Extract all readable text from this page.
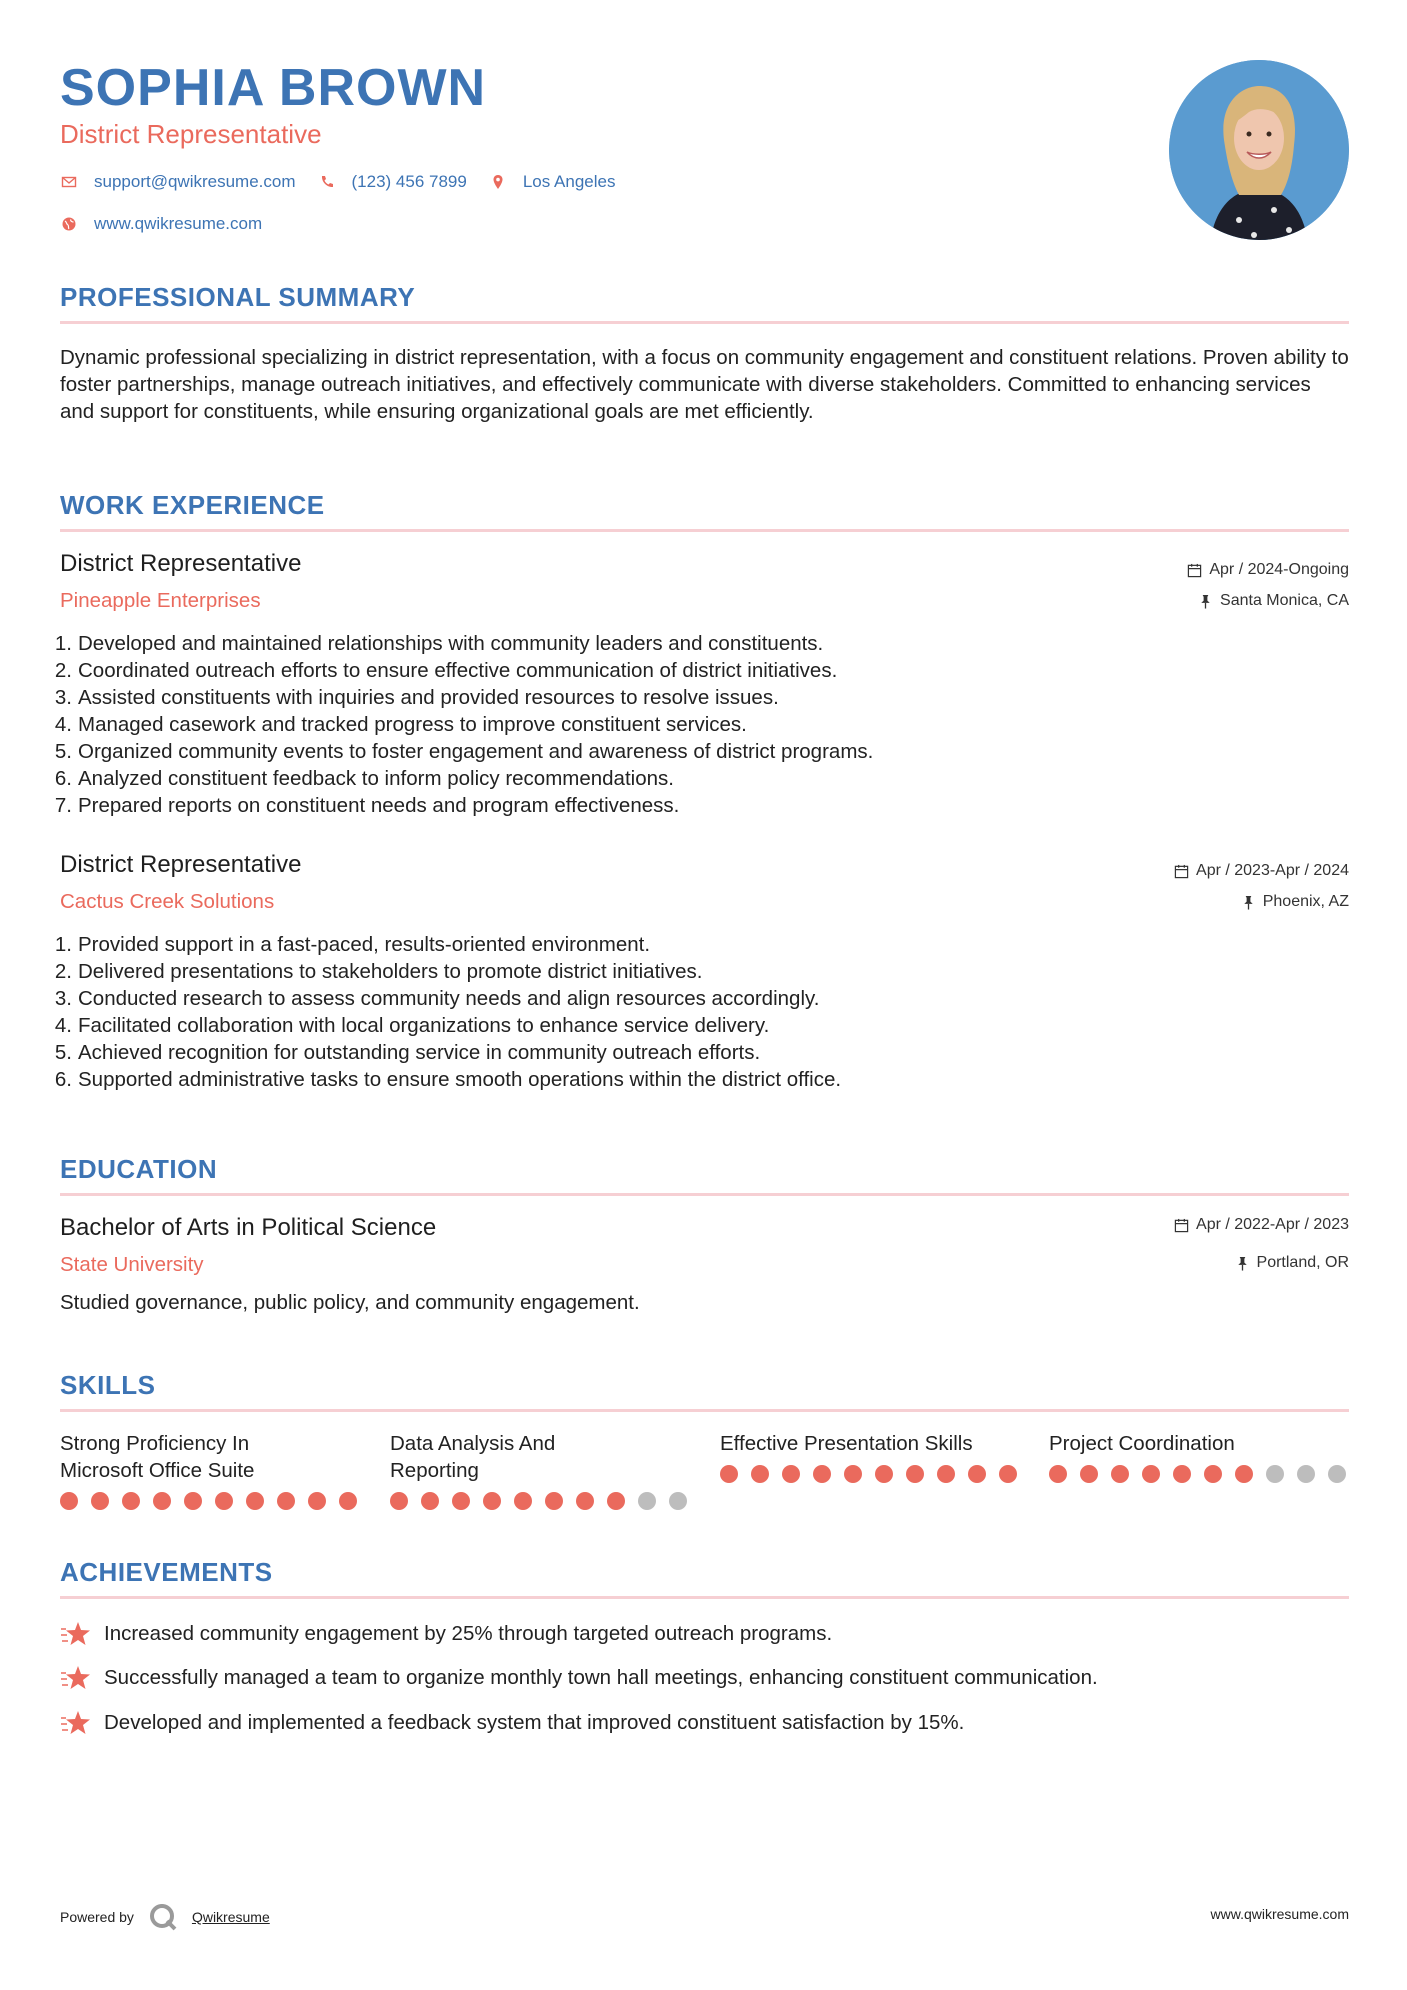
SOPHIA BROWN
District Representative
support@qwikresume.com	(123) 456 7899	Los Angeles
www.qwikresume.com
PROFESSIONAL SUMMARY
Dynamic professional specializing in district representation, with a focus on community engagement and constituent relations. Proven ability to foster partnerships, manage outreach initiatives, and effectively communicate with diverse stakeholders. Committed to enhancing services and support for constituents, while ensuring organizational goals are met efficiently.
WORK EXPERIENCE
District Representative
Pineapple Enterprises
Apr / 2024-Ongoing
Santa Monica, CA
1. Developed and maintained relationships with community leaders and constituents.
2. Coordinated outreach efforts to ensure effective communication of district initiatives.
3. Assisted constituents with inquiries and provided resources to resolve issues.
4. Managed casework and tracked progress to improve constituent services.
5. Organized community events to foster engagement and awareness of district programs.
6. Analyzed constituent feedback to inform policy recommendations.
7. Prepared reports on constituent needs and program effectiveness.
District Representative
Cactus Creek Solutions
Apr / 2023-Apr / 2024
Phoenix, AZ
1. Provided support in a fast-paced, results-oriented environment.
2. Delivered presentations to stakeholders to promote district initiatives.
3. Conducted research to assess community needs and align resources accordingly.
4. Facilitated collaboration with local organizations to enhance service delivery.
5. Achieved recognition for outstanding service in community outreach efforts.
6. Supported administrative tasks to ensure smooth operations within the district office.
EDUCATION
Bachelor of Arts in Political Science
State University
Apr / 2022-Apr / 2023
Portland, OR
Studied governance, public policy, and community engagement.
SKILLS
Strong Proficiency In
Microsoft Office Suite
Data Analysis And
Reporting
Effective Presentation Skills	Project Coordination
ACHIEVEMENTS
Increased community engagement by 25% through targeted outreach programs.
Successfully managed a team to organize monthly town hall meetings, enhancing constituent communication.
Developed and implemented a feedback system that improved constituent satisfaction by 15%.
Powered by	Qwikresume	www.qwikresume.com
